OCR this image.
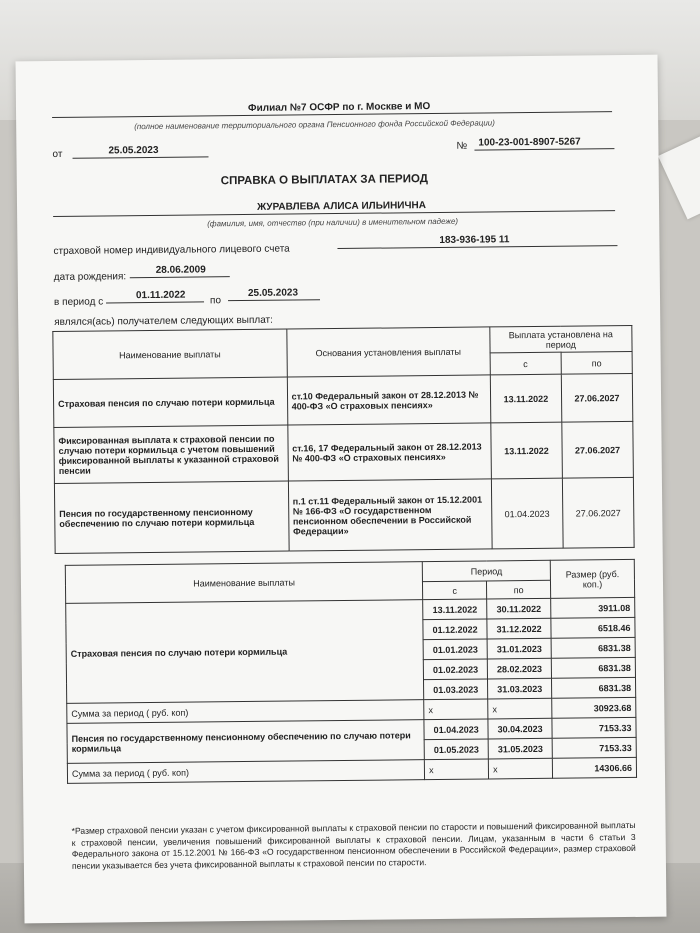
Филиал №7 ОСФР по г. Москве и МО
(полное наименование территориального органа Пенсионного фонда Российской Федерации)
от	25.05.2023	№ 100-23-001-8907-5267
СПРАВКА О ВЫПЛАТАХ ЗА ПЕРИОД
ЖУРАВЛЕВА АЛИСА ИЛЬИНИЧНА
(фамилия, имя, отчество (при наличии) в именительном падеже)
страховой номер индивидуального лицевого счета
183-936-195 11
дата рождения:
28.06.2009
в период с
01.11.2022 по
25.05.2023
являлся(ась) получателем следующих выплат:
Наименование выплаты	Основания установления выплаты	Выплата установлена на период	
		с	по
Страховая пенсия по случаю потери кормильца	ст.10 Федеральный закон от 28.12.2013 № 400-ФЗ «О страховых пенсиях»	13.11.2022	27.06.2027
Фиксированная выплата к страховой пенсии по случаю потери кормильца с учетом повышений фиксированной выплаты к указанной страховой пенсии	ст.16, 17 Федеральный закон от 28.12.2013 № 400-ФЗ «О страховых пенсиях»	13.11.2022	27.06.2027
Пенсия по государственному пенсионному обеспечению по случаю потери кормильца	п.1 ст.11 Федеральный закон от 15.12.2001 № 166-ФЗ «О государственном пенсионном обеспечении в Российской Федерации»	01.04.2023	27.06.2027
Наименование выплаты	Период		Размер (руб. коп.)
	с	по	
Страховая пенсия по случаю потери кормильца	13.11.2022	30.11.2022	3911.08
	01.12.2022	31.12.2022	6518.46
	01.01.2023	31.01.2023	6831.38
	01.02.2023	28.02.2023	6831.38
	01.03.2023	31.03.2023	6831.38
Сумма за период ( руб. коп)	x	x	30923.68
Пенсия по государственному пенсионному обеспечению по случаю потери кормильца	01.04.2023	30.04.2023	7153.33
	01.05.2023	31.05.2023	7153.33
Сумма за период ( руб. коп)	x	x	14306.66
*Размер страховой пенсии указан с учетом фиксированной выплаты к страховой пенсии по старости и повышений фиксированной выплаты к страховой пенсии, увеличения повышений фиксированной выплаты к страховой пенсии. Лицам, указанным в части 6 статьи 3 Федерального закона от 15.12.2001 № 166-ФЗ «О государственном пенсионном обеспечении в Российской Федерации», размер страховой пенсии указывается без учета фиксированной выплаты к страховой пенсии по старости.
